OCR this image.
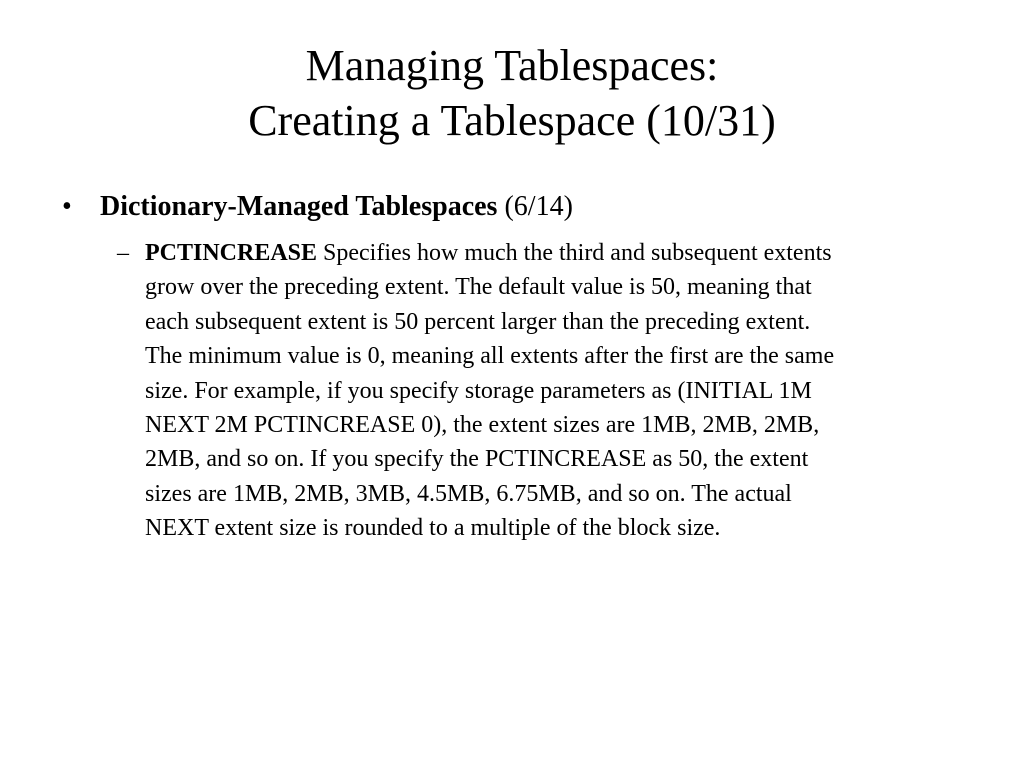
Managing Tablespaces:
Creating a Tablespace (10/31)
• Dictionary-Managed Tablespaces (6/14)
– PCTINCREASE Specifies how much the third and subsequent extents
grow over the preceding extent. The default value is 50, meaning that
each subsequent extent is 50 percent larger than the preceding extent.
The minimum value is 0, meaning all extents after the first are the same
size. For example, if you specify storage parameters as (INITIAL 1M
NEXT 2M PCTINCREASE 0), the extent sizes are 1MB, 2MB, 2MB,
2MB, and so on. If you specify the PCTINCREASE as 50, the extent
sizes are 1MB, 2MB, 3MB, 4.5MB, 6.75MB, and so on. The actual
NEXT extent size is rounded to a multiple of the block size.
